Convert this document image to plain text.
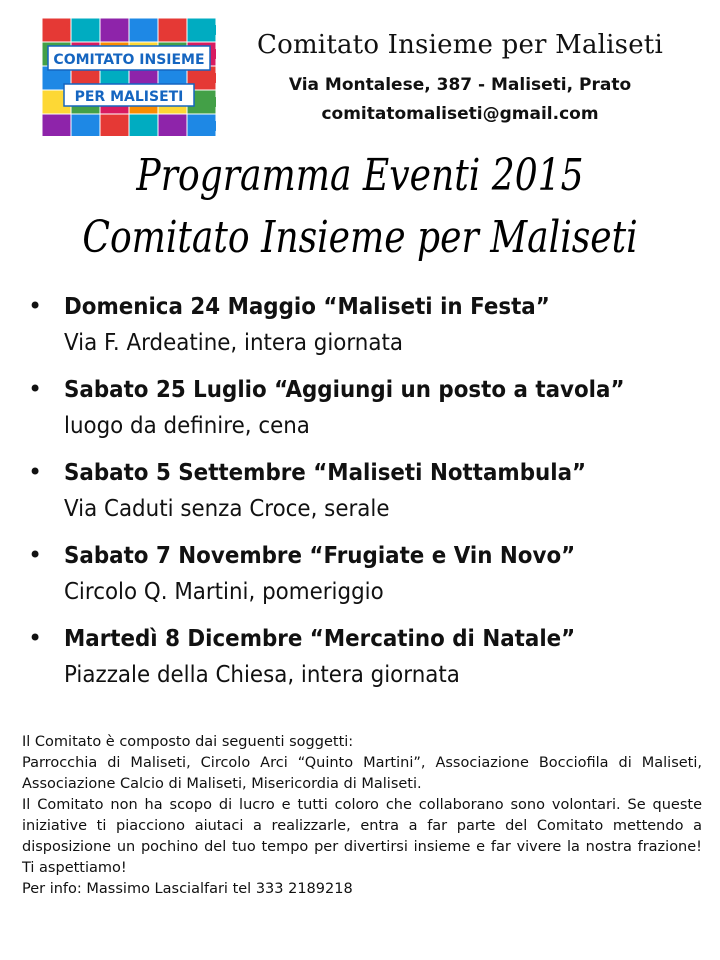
COMITATO INSIEME
PER MALISETI
Comitato Insieme per Maliseti
Via Montalese, 387 - Maliseti, Prato
comitatomaliseti@gmail.com
Programma Eventi 2015
Comitato Insieme per Maliseti
• Domenica 24 Maggio “Maliseti in Festa”
Via F. Ardeatine, intera giornata
• Sabato 25 Luglio “Aggiungi un posto a tavola”
luogo da definire, cena
• Sabato 5 Settembre “Maliseti Nottambula”
Via Caduti senza Croce, serale
• Sabato 7 Novembre “Frugiate e Vin Novo”
Circolo Q. Martini, pomeriggio
• Martedì 8 Dicembre “Mercatino di Natale”
Piazzale della Chiesa, intera giornata

Il Comitato è composto dai seguenti soggetti:

Parrocchia di Maliseti, Circolo Arci “Quinto Martini”, Associazione Bocciofila di Maliseti, Associazione Calcio di Maliseti, Misericordia di Maliseti.

Il Comitato non ha scopo di lucro e tutti coloro che collaborano sono volontari. Se queste iniziative ti piacciono aiutaci a realizzarle, entra a far parte del Comitato mettendo a disposizione un pochino del tuo tempo per divertirsi insieme e far vivere la nostra frazione! Ti aspettiamo!

Per info: Massimo Lascialfari tel 333 2189218
